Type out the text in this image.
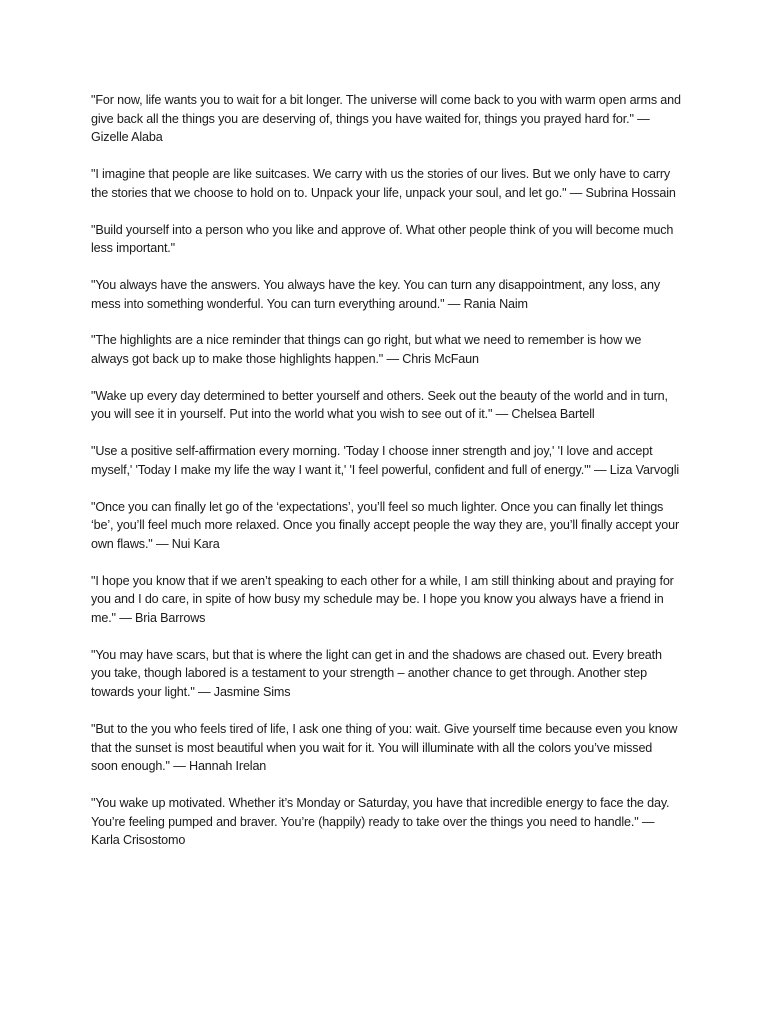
"For now, life wants you to wait for a bit longer. The universe will come back to you with warm open arms and give back all the things you are deserving of, things you have waited for, things you prayed hard for." — Gizelle Alaba

"I imagine that people are like suitcases. We carry with us the stories of our lives. But we only have to carry the stories that we choose to hold on to. Unpack your life, unpack your soul, and let go." — Subrina Hossain

"Build yourself into a person who you like and approve of. What other people think of you will become much less important."

"You always have the answers. You always have the key. You can turn any disappointment, any loss, any mess into something wonderful. You can turn everything around." — Rania Naim

"The highlights are a nice reminder that things can go right, but what we need to remember is how we always got back up to make those highlights happen." — Chris McFaun

"Wake up every day determined to better yourself and others. Seek out the beauty of the world and in turn, you will see it in yourself. Put into the world what you wish to see out of it." — Chelsea Bartell

"Use a positive self-affirmation every morning. 'Today I choose inner strength and joy,' 'I love and accept myself,' 'Today I make my life the way I want it,' 'I feel powerful, confident and full of energy.'" — Liza Varvogli

"Once you can finally let go of the ‘expectations’, you’ll feel so much lighter. Once you can finally let things ‘be’, you’ll feel much more relaxed. Once you finally accept people the way they are, you’ll finally accept your own flaws." — Nui Kara

"I hope you know that if we aren’t speaking to each other for a while, I am still thinking about and praying for you and I do care, in spite of how busy my schedule may be. I hope you know you always have a friend in me." — Bria Barrows

"You may have scars, but that is where the light can get in and the shadows are chased out. Every breath you take, though labored is a testament to your strength – another chance to get through. Another step towards your light." — Jasmine Sims

"But to the you who feels tired of life, I ask one thing of you: wait. Give yourself time because even you know that the sunset is most beautiful when you wait for it. You will illuminate with all the colors you’ve missed soon enough." — Hannah Irelan

"You wake up motivated. Whether it’s Monday or Saturday, you have that incredible energy to face the day. You’re feeling pumped and braver. You’re (happily) ready to take over the things you need to handle." — Karla Crisostomo
